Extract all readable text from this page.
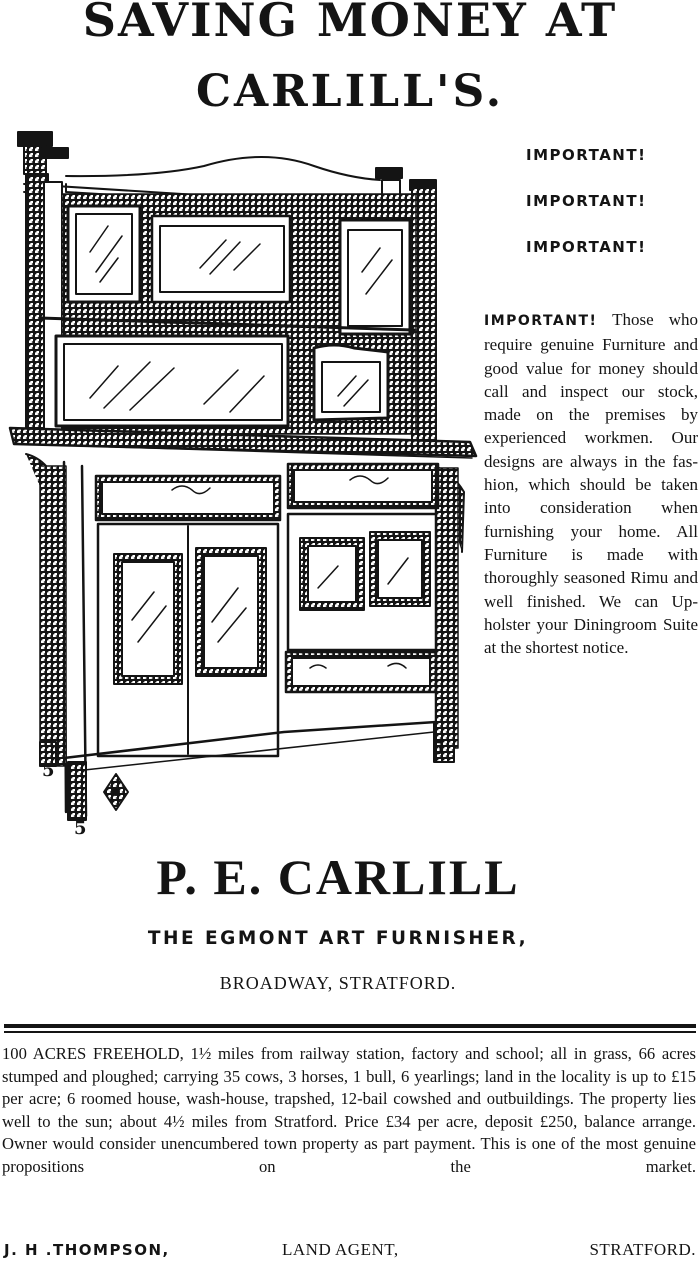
SAVING MONEY AT
CARLILL'S.
5
5
5
IMPORTANT!
IMPORTANT!
IMPORTANT!

IMPORTANT! Those who require genuine Furniture and good value for money should call and inspect our stock, made on the premises by experienced workmen. Our designs are always in the fashion, which should be taken into consideration when furnishing your home. All Furniture is made with thoroughly seasoned Rimu and well finished. We can Upholster your Diningroom Suite at the shortest notice.

P. E. CARLILL
THE EGMONT ART FURNISHER,
BROADWAY, STRATFORD.

100 ACRES FREEHOLD, 1½ miles from railway station, factory and school; all in grass, 66 acres stumped and ploughed; carrying 35 cows, 3 horses, 1 bull, 6 yearlings; land in the locality is up to £15 per acre; 6 roomed house, wash-house, trapshed, 12-bail cowshed and outbuildings. The property lies well to the sun; about 4½ miles from Stratford. Price £34 per acre, deposit £250, balance arrange. Owner would consider unencumbered town property as part payment. This is one of the most genuine propositions on the market.

J. H .THOMPSON,	LAND AGENT,	STRATFORD.
